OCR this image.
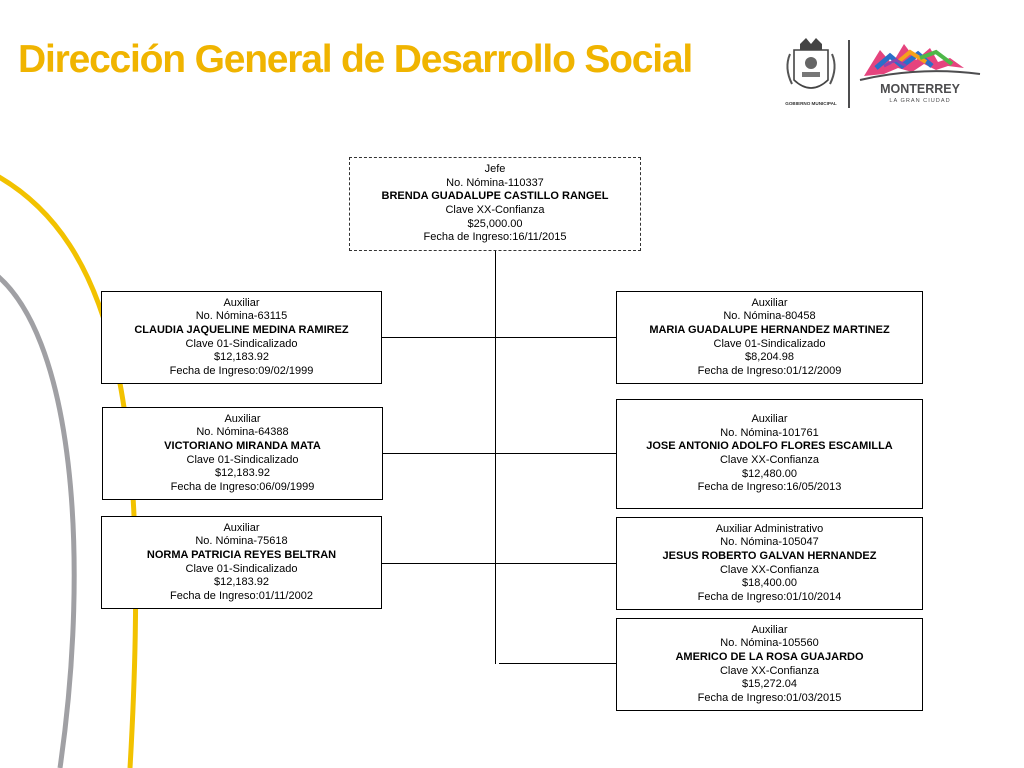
Dirección General de Desarrollo Social
GOBIERNO MUNICIPAL
MONTERREY
LA GRAN CIUDAD
Jefe
No. Nómina-110337
BRENDA GUADALUPE CASTILLO RANGEL
Clave XX-Confianza
$25,000.00
Fecha de Ingreso:16/11/2015
Auxiliar
No. Nómina-63115
CLAUDIA JAQUELINE MEDINA RAMIREZ
Clave 01-Sindicalizado
$12,183.92
Fecha de Ingreso:09/02/1999
Auxiliar
No. Nómina-64388
VICTORIANO MIRANDA MATA
Clave 01-Sindicalizado
$12,183.92
Fecha de Ingreso:06/09/1999
Auxiliar
No. Nómina-75618
NORMA PATRICIA REYES BELTRAN
Clave 01-Sindicalizado
$12,183.92
Fecha de Ingreso:01/11/2002
Auxiliar
No. Nómina-80458
MARIA GUADALUPE HERNANDEZ MARTINEZ
Clave 01-Sindicalizado
$8,204.98
Fecha de Ingreso:01/12/2009
Auxiliar
No. Nómina-101761
JOSE ANTONIO ADOLFO FLORES ESCAMILLA
Clave XX-Confianza
$12,480.00
Fecha de Ingreso:16/05/2013
Auxiliar Administrativo
No. Nómina-105047
JESUS ROBERTO GALVAN HERNANDEZ
Clave XX-Confianza
$18,400.00
Fecha de Ingreso:01/10/2014
Auxiliar
No. Nómina-105560
AMERICO DE LA ROSA GUAJARDO
Clave XX-Confianza
$15,272.04
Fecha de Ingreso:01/03/2015
